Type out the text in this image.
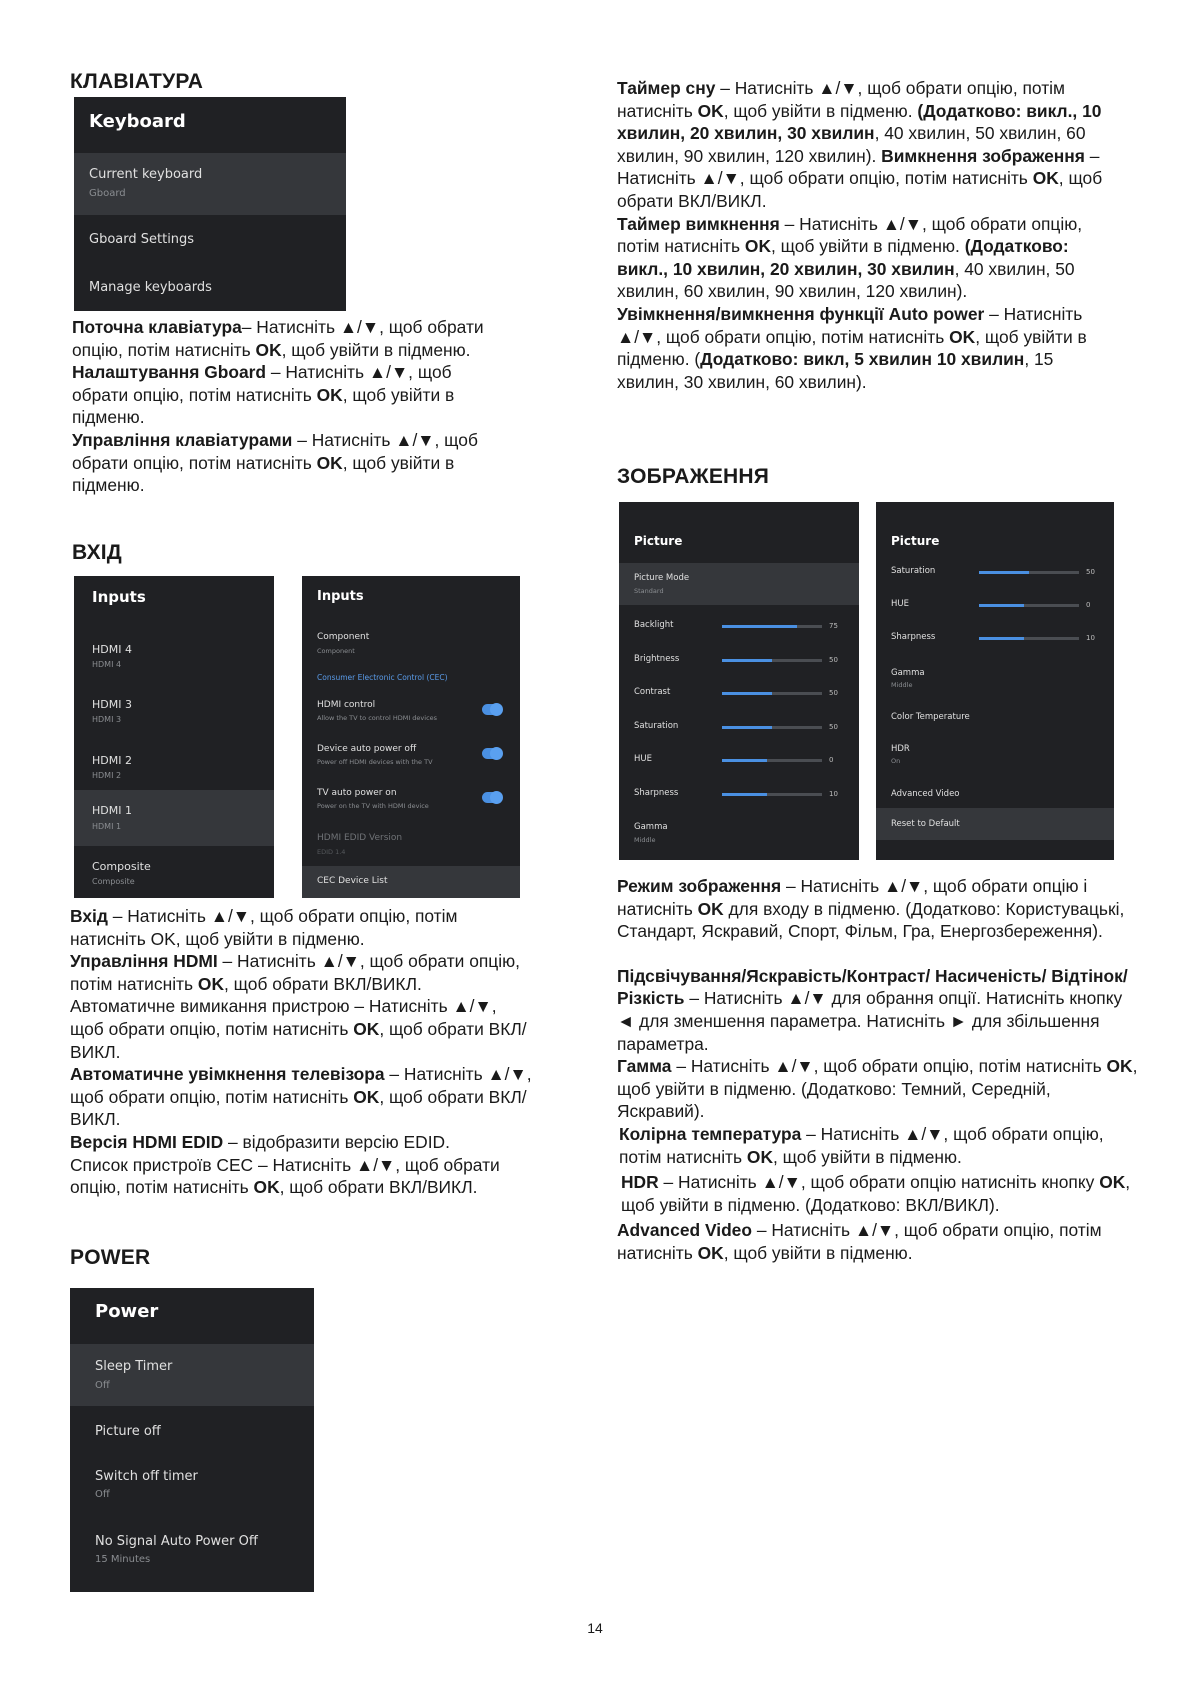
КЛАВІАТУРА
Keyboard
Current keyboard
Gboard
Gboard Settings
Manage keyboards

Поточна клавіатура– Натисніть ▲/▼, щоб обрати опцію, потім натисніть OK, щоб увійти в підменю.

Налаштування Gboard – Натисніть ▲/▼, щоб обрати опцію, потім натисніть OK, щоб увійти в підменю.

Управління клавіатурами – Натисніть ▲/▼, щоб обрати опцію, потім натисніть OK, щоб увійти в підменю.

ВХІД
Inputs
HDMI 4
HDMI 4
HDMI 3
HDMI 3
HDMI 2
HDMI 2
HDMI 1
HDMI 1
Composite
Composite
Inputs
Component
Component
Consumer Electronic Control (CEC)
HDMI control
Allow the TV to control HDMI devices
Device auto power off
Power off HDMI devices with the TV
TV auto power on
Power on the TV with HDMI device
HDMI EDID Version
EDID 1.4
CEC Device List

Вхід – Натисніть ▲/▼, щоб обрати опцію, потім натисніть OK, щоб увійти в підменю.

Управління HDMI – Натисніть ▲/▼, щоб обрати опцію, потім натисніть OK, щоб обрати ВКЛ/ВИКЛ.

Автоматичне вимикання пристрою – Натисніть ▲/▼, щоб обрати опцію, потім натисніть OK, щоб обрати ВКЛ/ВИКЛ.

Автоматичне увімкнення телевізора – Натисніть ▲/▼, щоб обрати опцію, потім натисніть OK, щоб обрати ВКЛ/ВИКЛ.

Версія HDMI EDID – відобразити версію EDID.

Список пристроїв CEC – Натисніть ▲/▼, щоб обрати опцію, потім натисніть OK, щоб обрати ВКЛ/ВИКЛ.

POWER
Power
Sleep Timer
Off
Picture off
Switch off timer
Off
No Signal Auto Power Off
15 Minutes

Таймер сну – Натисніть ▲/▼, щоб обрати опцію, потім натисніть OK, щоб увійти в підменю. (Додатково: викл., 10 хвилин, 20 хвилин, 30 хвилин, 40 хвилин, 50 хвилин, 60 хвилин, 90 хвилин, 120 хвилин). Вимкнення зображення – Натисніть ▲/▼, щоб обрати опцію, потім натисніть OK, щоб обрати ВКЛ/ВИКЛ.

Таймер вимкнення – Натисніть ▲/▼, щоб обрати опцію, потім натисніть OK, щоб увійти в підменю. (Додатково: викл., 10 хвилин, 20 хвилин, 30 хвилин, 40 хвилин, 50 хвилин, 60 хвилин, 90 хвилин, 120 хвилин).

Увімкнення/вимкнення функції Auto power – Натисніть ▲/▼, щоб обрати опцію, потім натисніть OK, щоб увійти в підменю. (Додатково: викл, 5 хвилин 10 хвилин, 15 хвилин, 30 хвилин, 60 хвилин).

ЗОБРАЖЕННЯ
Picture
Picture Mode
Standard
Backlight	75
Brightness	50
Contrast	50
Saturation	50
HUE	0
Sharpness	10
Gamma
Middle
Picture
Saturation	50
HUE	0
Sharpness	10
Gamma
Middle
Color Temperature
HDR
On
Advanced Video
Reset to Default

Режим зображення – Натисніть ▲/▼, щоб обрати опцію і натисніть OK для входу в підменю. (Додатково: Користувацькі, Стандарт, Яскравий, Спорт, Фільм, Гра, Енергозбереження).

Підсвічування/Яскравість/Контраст/ Насиченість/ Відтінок/Різкість – Натисніть ▲/▼ для обрання опції. Натисніть кнопку ◄ для зменшення параметра. Натисніть ► для збільшення параметра.

Гамма – Натисніть ▲/▼, щоб обрати опцію, потім натисніть OK, щоб увійти в підменю. (Додатково: Темний, Середній, Яскравий).

Колірна температура – Натисніть ▲/▼, щоб обрати опцію, потім натисніть OK, щоб увійти в підменю.

HDR – Натисніть ▲/▼, щоб обрати опцію натисніть кнопку OK, щоб увійти в підменю. (Додатково: ВКЛ/ВИКЛ).

Advanced Video – Натисніть ▲/▼, щоб обрати опцію, потім натисніть OK, щоб увійти в підменю.

14
